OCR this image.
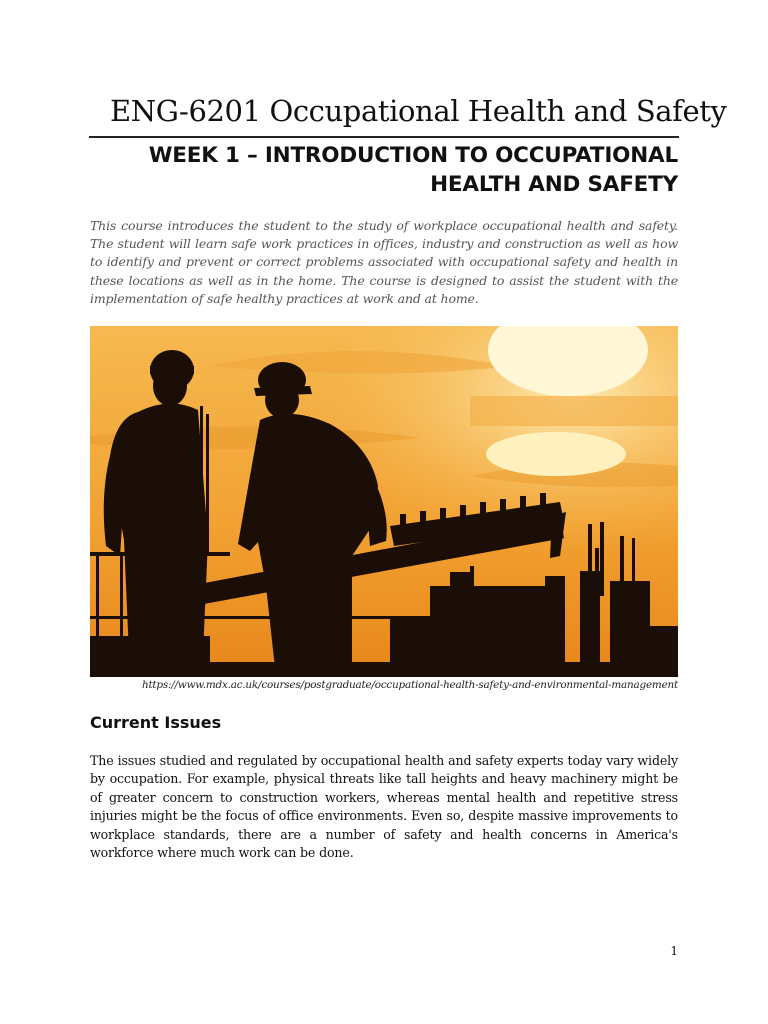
ENG-6201 Occupational Health and Safety
WEEK 1 – INTRODUCTION TO OCCUPATIONAL HEALTH AND SAFETY

This course introduces the student to the study of workplace occupational health and safety. The student will learn safe work practices in offices, industry and construction as well as how to identify and prevent or correct problems associated with occupational safety and health in these locations as well as in the home. The course is designed to assist the student with the implementation of safe healthy practices at work and at home.

https://www.mdx.ac.uk/courses/postgraduate/occupational-health-safety-and-environmental-management

Current Issues

The issues studied and regulated by occupational health and safety experts today vary widely by occupation. For example, physical threats like tall heights and heavy machinery might be of greater concern to construction workers, whereas mental health and repetitive stress injuries might be the focus of office environments. Even so, despite massive improvements to workplace standards, there are a number of safety and health concerns in America's workforce where much work can be done.

1
